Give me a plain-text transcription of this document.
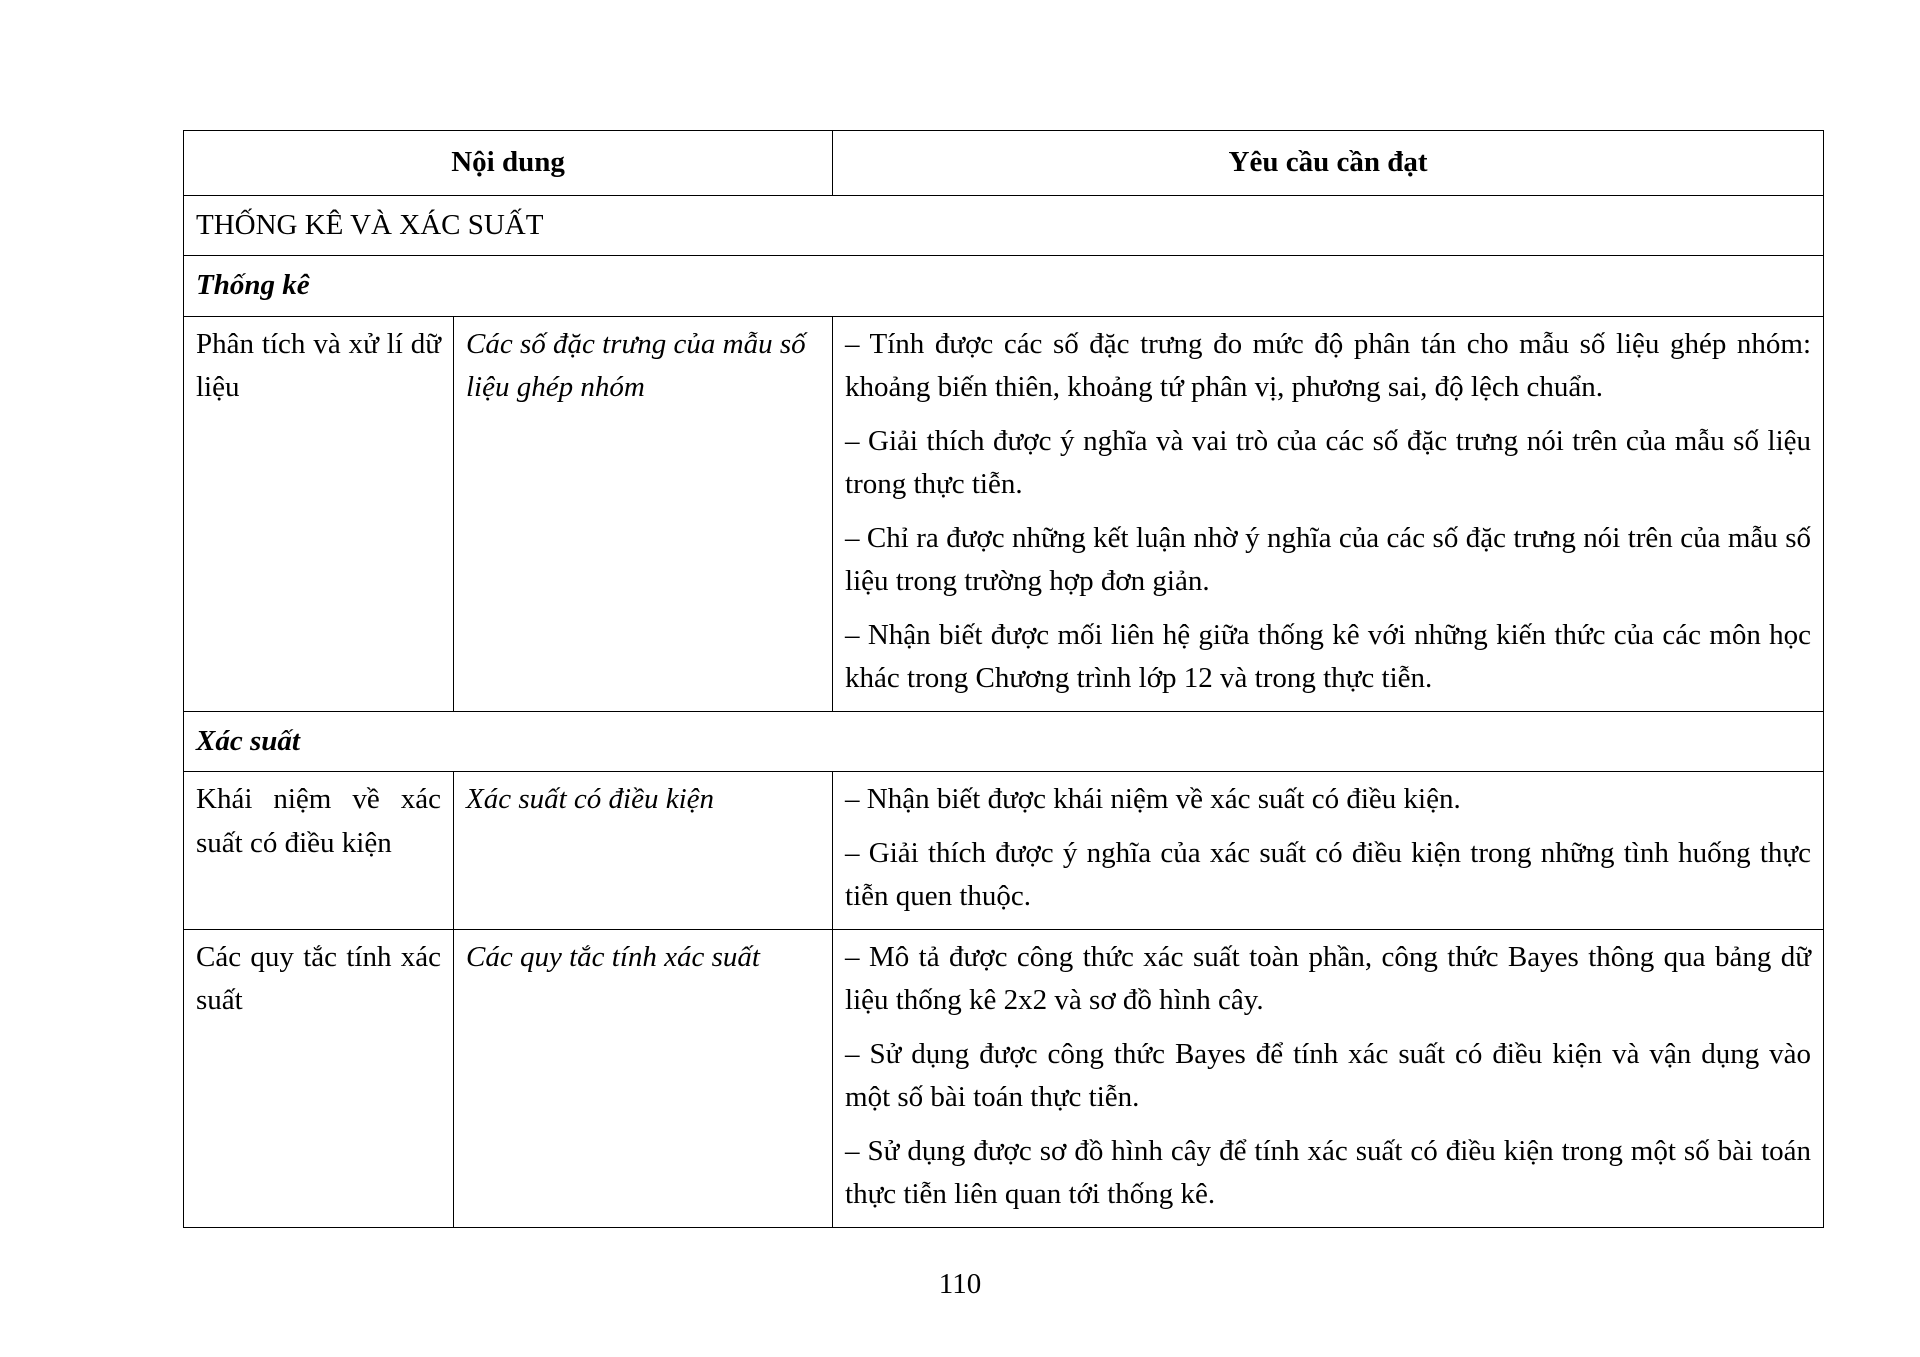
Nội dung		Yêu cầu cần đạt
THỐNG KÊ VÀ XÁC SUẤT		
Thống kê		
Phân tích và xử lí dữ liệu	Các số đặc trưng của mẫu số liệu ghép nhóm	– Tính được các số đặc trưng đo mức độ phân tán cho mẫu số liệu ghép nhóm: khoảng biến thiên, khoảng tứ phân vị, phương sai, độ lệch chuẩn.

– Giải thích được ý nghĩa và vai trò của các số đặc trưng nói trên của mẫu số liệu trong thực tiễn.

– Chỉ ra được những kết luận nhờ ý nghĩa của các số đặc trưng nói trên của mẫu số liệu trong trường hợp đơn giản.

– Nhận biết được mối liên hệ giữa thống kê với những kiến thức của các môn học khác trong Chương trình lớp 12 và trong thực tiễn.

Xác suất		
Khái niệm về xác suất có điều kiện	Xác suất có điều kiện	– Nhận biết được khái niệm về xác suất có điều kiện.

– Giải thích được ý nghĩa của xác suất có điều kiện trong những tình huống thực tiễn quen thuộc.

Các quy tắc tính xác suất	Các quy tắc tính xác suất	– Mô tả được công thức xác suất toàn phần, công thức Bayes thông qua bảng dữ liệu thống kê 2x2 và sơ đồ hình cây.

– Sử dụng được công thức Bayes để tính xác suất có điều kiện và vận dụng vào một số bài toán thực tiễn.

– Sử dụng được sơ đồ hình cây để tính xác suất có điều kiện trong một số bài toán thực tiễn liên quan tới thống kê.

110
